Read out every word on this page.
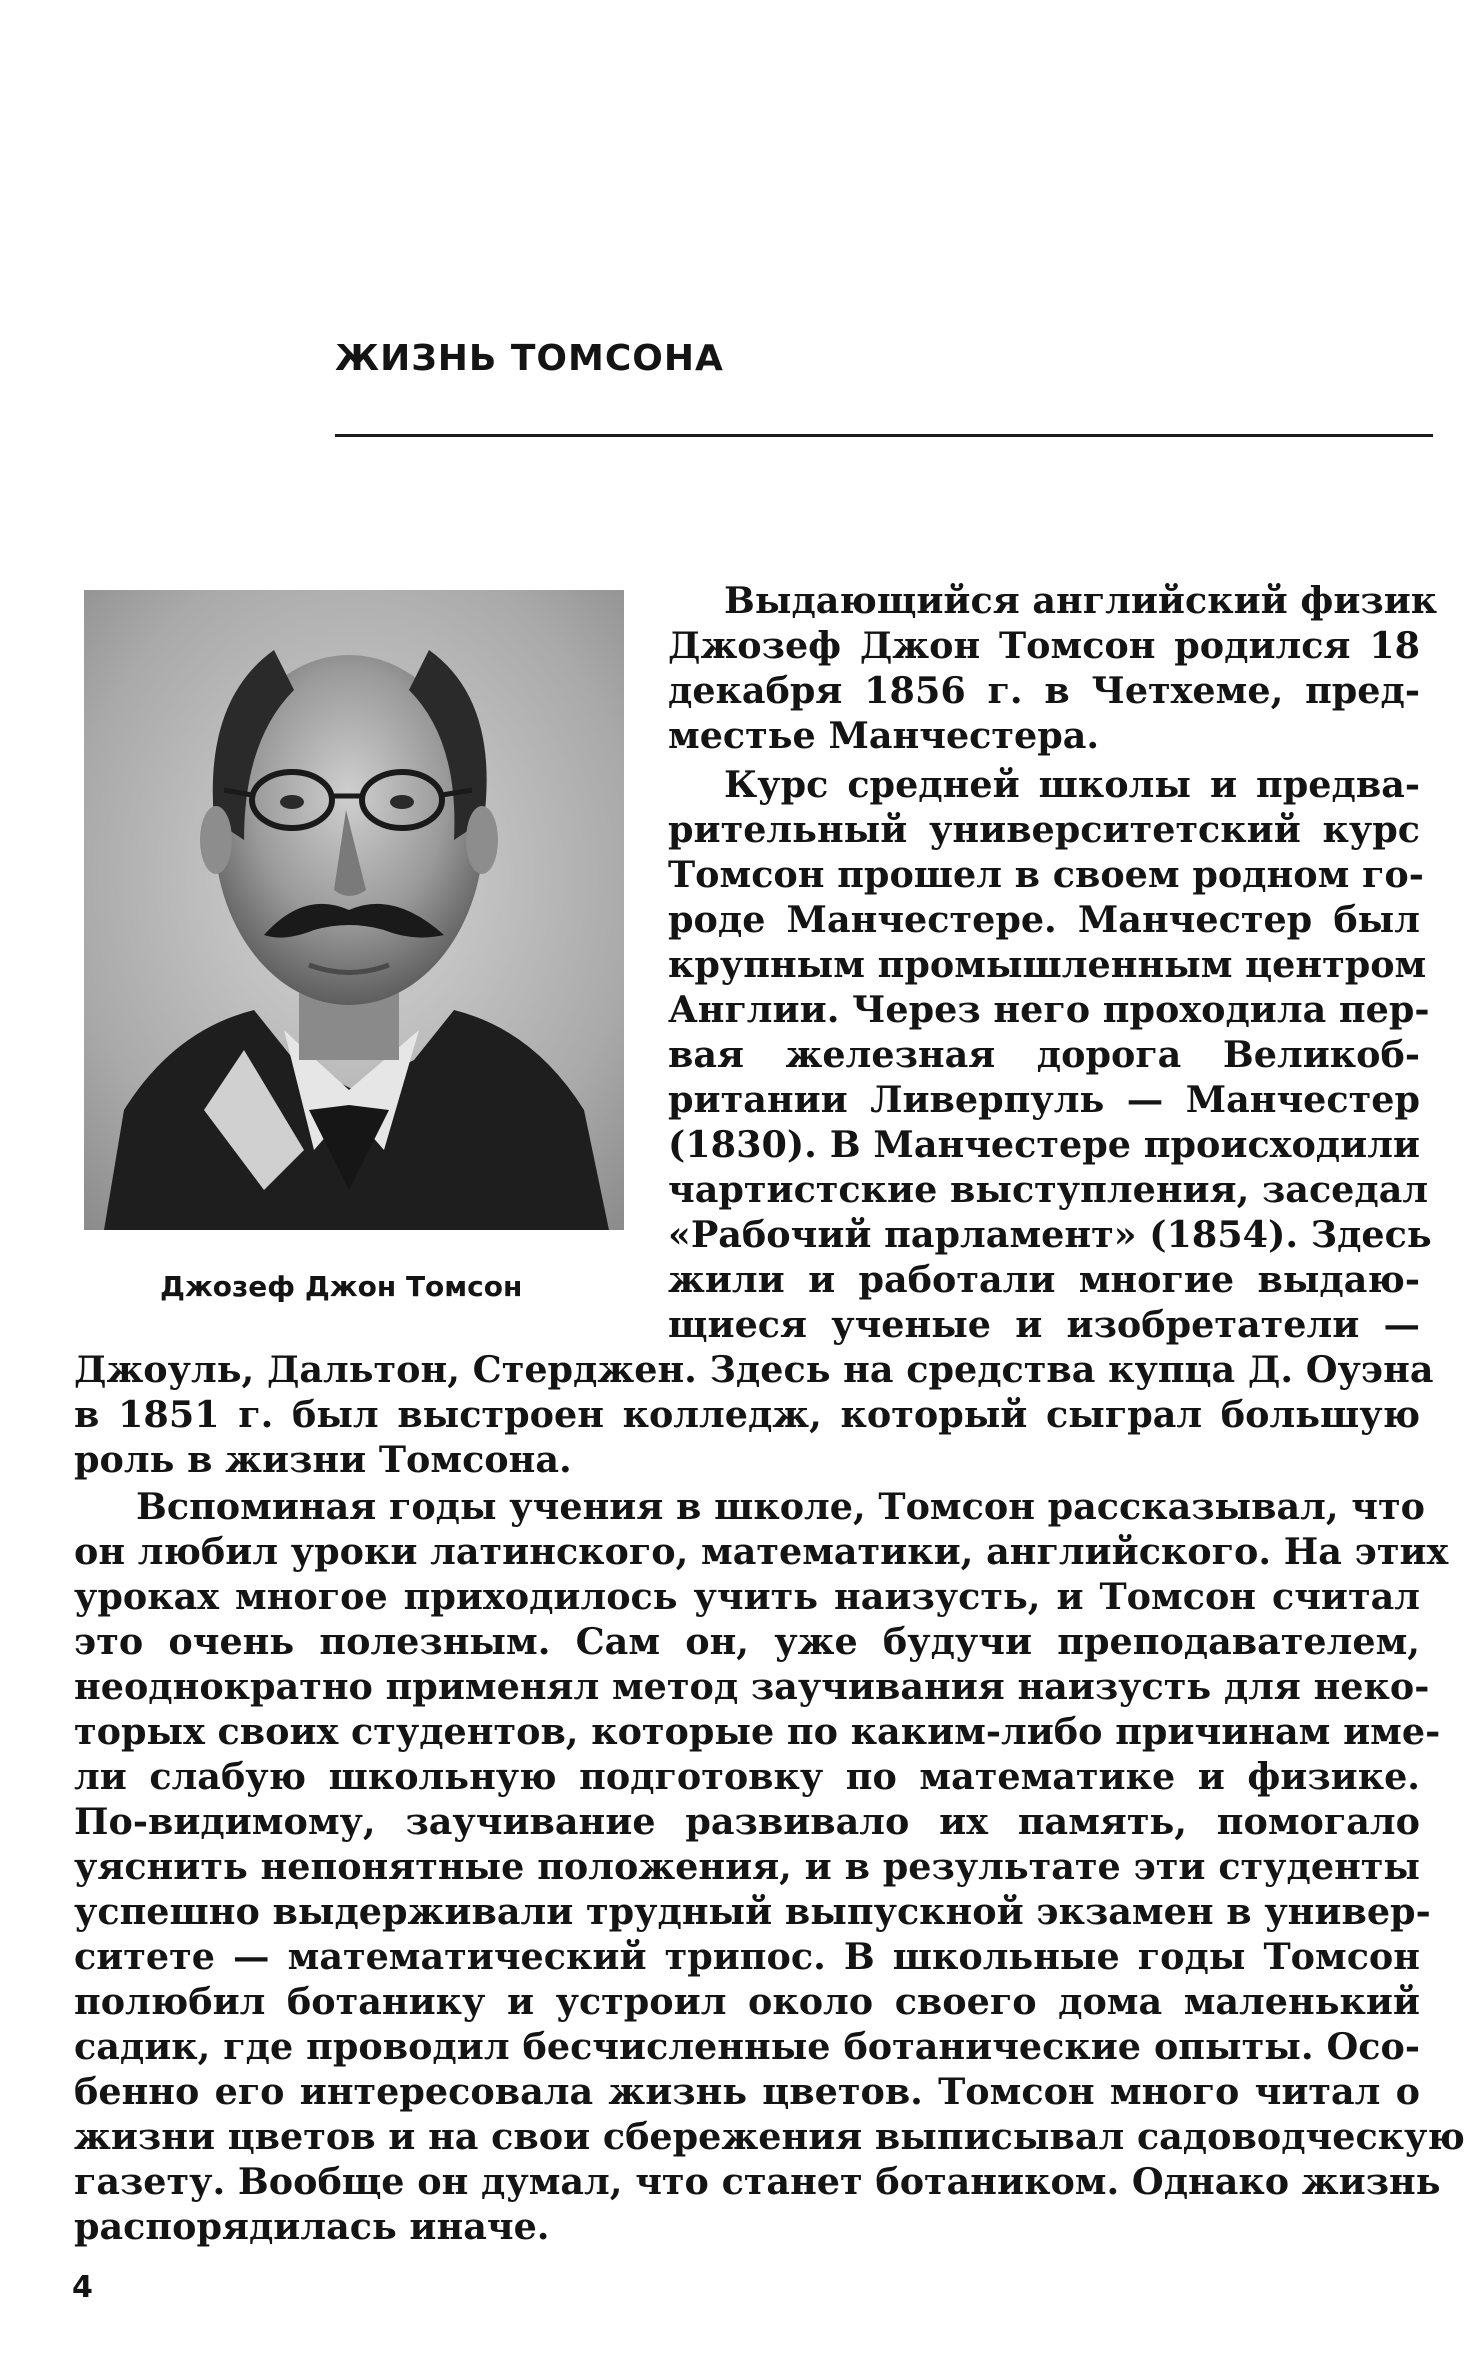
ЖИЗНЬ ТОМСОНА
Джозеф Джон Томсон
Выдающийся английский физик
Джозеф Джон Томсон родился 18
декабря 1856 г. в Четхеме, пред-
местье Манчестера.
Курс средней школы и предва-
рительный университетский курс
Томсон прошел в своем родном го-
роде Манчестере. Манчестер был
крупным промышленным центром
Англии. Через него проходила пер-
вая железная дорога Великоб-
ритании Ливерпуль — Манчестер
(1830). В Манчестере происходили
чартистские выступления, заседал
«Рабочий парламент» (1854). Здесь
жили и работали многие выдаю-
щиеся ученые и изобретатели —
Джоуль, Дальтон, Стерджен. Здесь на средства купца Д. Оуэна
в 1851 г. был выстроен колледж, который сыграл большую
роль в жизни Томсона.
Вспоминая годы учения в школе, Томсон рассказывал, что
он любил уроки латинского, математики, английского. На этих
уроках многое приходилось учить наизусть, и Томсон считал
это очень полезным. Сам он, уже будучи преподавателем,
неоднократно применял метод заучивания наизусть для неко-
торых своих студентов, которые по каким-либо причинам име-
ли слабую школьную подготовку по математике и физике.
По-видимому, заучивание развивало их память, помогало
уяснить непонятные положения, и в результате эти студенты
успешно выдерживали трудный выпускной экзамен в универ-
ситете — математический трипос. В школьные годы Томсон
полюбил ботанику и устроил около своего дома маленький
садик, где проводил бесчисленные ботанические опыты. Осо-
бенно его интересовала жизнь цветов. Томсон много читал о
жизни цветов и на свои сбережения выписывал садоводческую
газету. Вообще он думал, что станет ботаником. Однако жизнь
распорядилась иначе.
4
